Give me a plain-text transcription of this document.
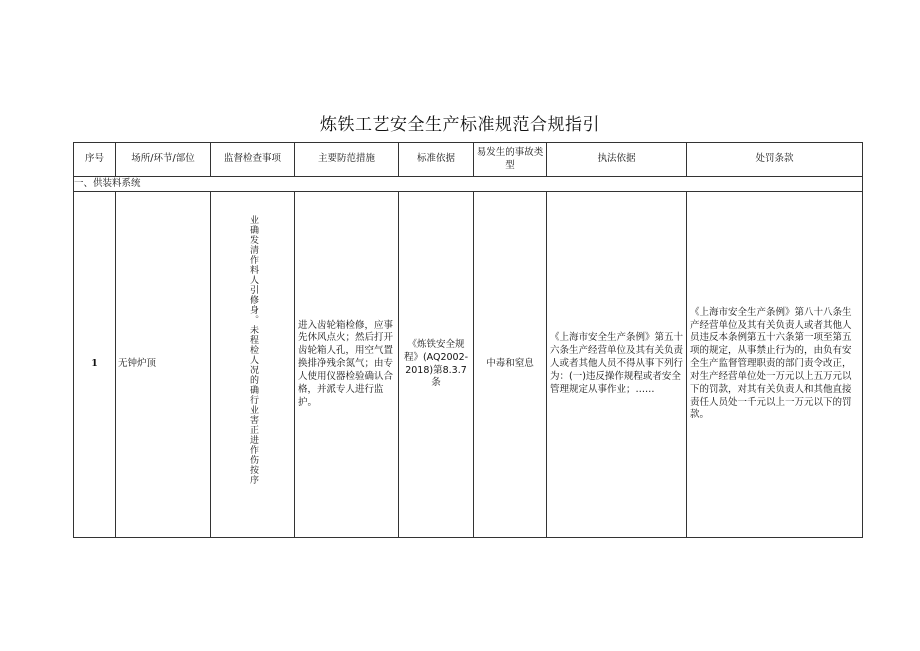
炼铁工艺安全生产标准规范合规指引
序号	场所/环节/部位	监督检查事项	主要防范措施	标准依据	易发生的事故类型	执法依据	处罚条款
一、供装料系统							
1	无钟炉顶	业确发清作料人引修身。未程检人况的确行业害正进作伤按序	进入齿轮箱检修，应事先休风点火；然后打开齿轮箱人孔，用空气置换排净残余氮气；由专人使用仪器检验确认合格，并派专人进行监护。	《炼铁安全规程》(AQ2002-2018)第8.3.7条	中毒和窒息	《上海市安全生产条例》第五十六条生产经营单位及其有关负责人或者其他人员不得从事下列行为：(一)违反操作规程或者安全管理规定从事作业；……	《上海市安全生产条例》第八十八条生产经营单位及其有关负责人或者其他人员违反本条例第五十六条第一项至第五项的规定，从事禁止行为的，由负有安全生产监督管理职责的部门责令改正，对生产经营单位处一万元以上五万元以下的罚款，对其有关负责人和其他直接责任人员处一千元以上一万元以下的罚款。
